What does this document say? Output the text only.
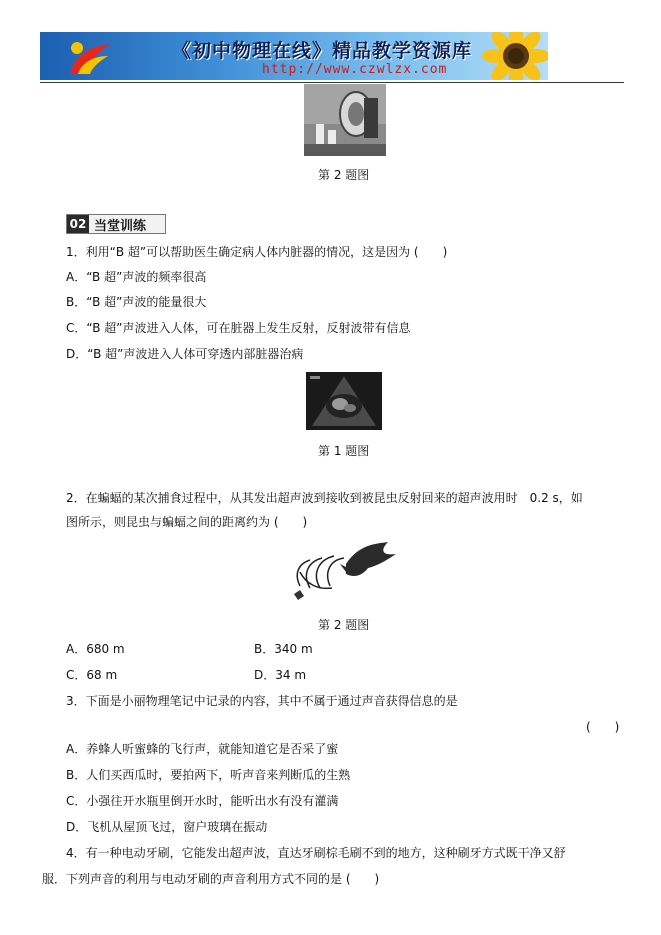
《初中物理在线》精品教学资源库
http://www.czwlzx.com
第 2 题图
02 当堂训练
1．利用“B 超”可以帮助医生确定病人体内脏器的情况，这是因为 (　　)
A．“B 超”声波的频率很高
B．“B 超”声波的能量很大
C．“B 超”声波进入人体，可在脏器上发生反射，反射波带有信息
D．“B 超”声波进入人体可穿透内部脏器治病
第 1 题图
2．在蝙蝠的某次捕食过程中，从其发出超声波到接收到被昆虫反射回来的超声波用时　0.2 s，如
图所示，则昆虫与蝙蝠之间的距离约为 (　　)
第 2 题图
A．680 m	B．340 m
C．68 m	D．34 m
3．下面是小丽物理笔记中记录的内容，其中不属于通过声音获得信息的是
(　　)
A．养蜂人听蜜蜂的飞行声，就能知道它是否采了蜜
B．人们买西瓜时，要拍两下，听声音来判断瓜的生熟
C．小强往开水瓶里倒开水时，能听出水有没有灌满
D．飞机从屋顶飞过，窗户玻璃在振动
4．有一种电动牙刷，它能发出超声波，直达牙刷棕毛刷不到的地方，这种刷牙方式既干净又舒
服．下列声音的利用与电动牙刷的声音利用方式不同的是 (　　)
